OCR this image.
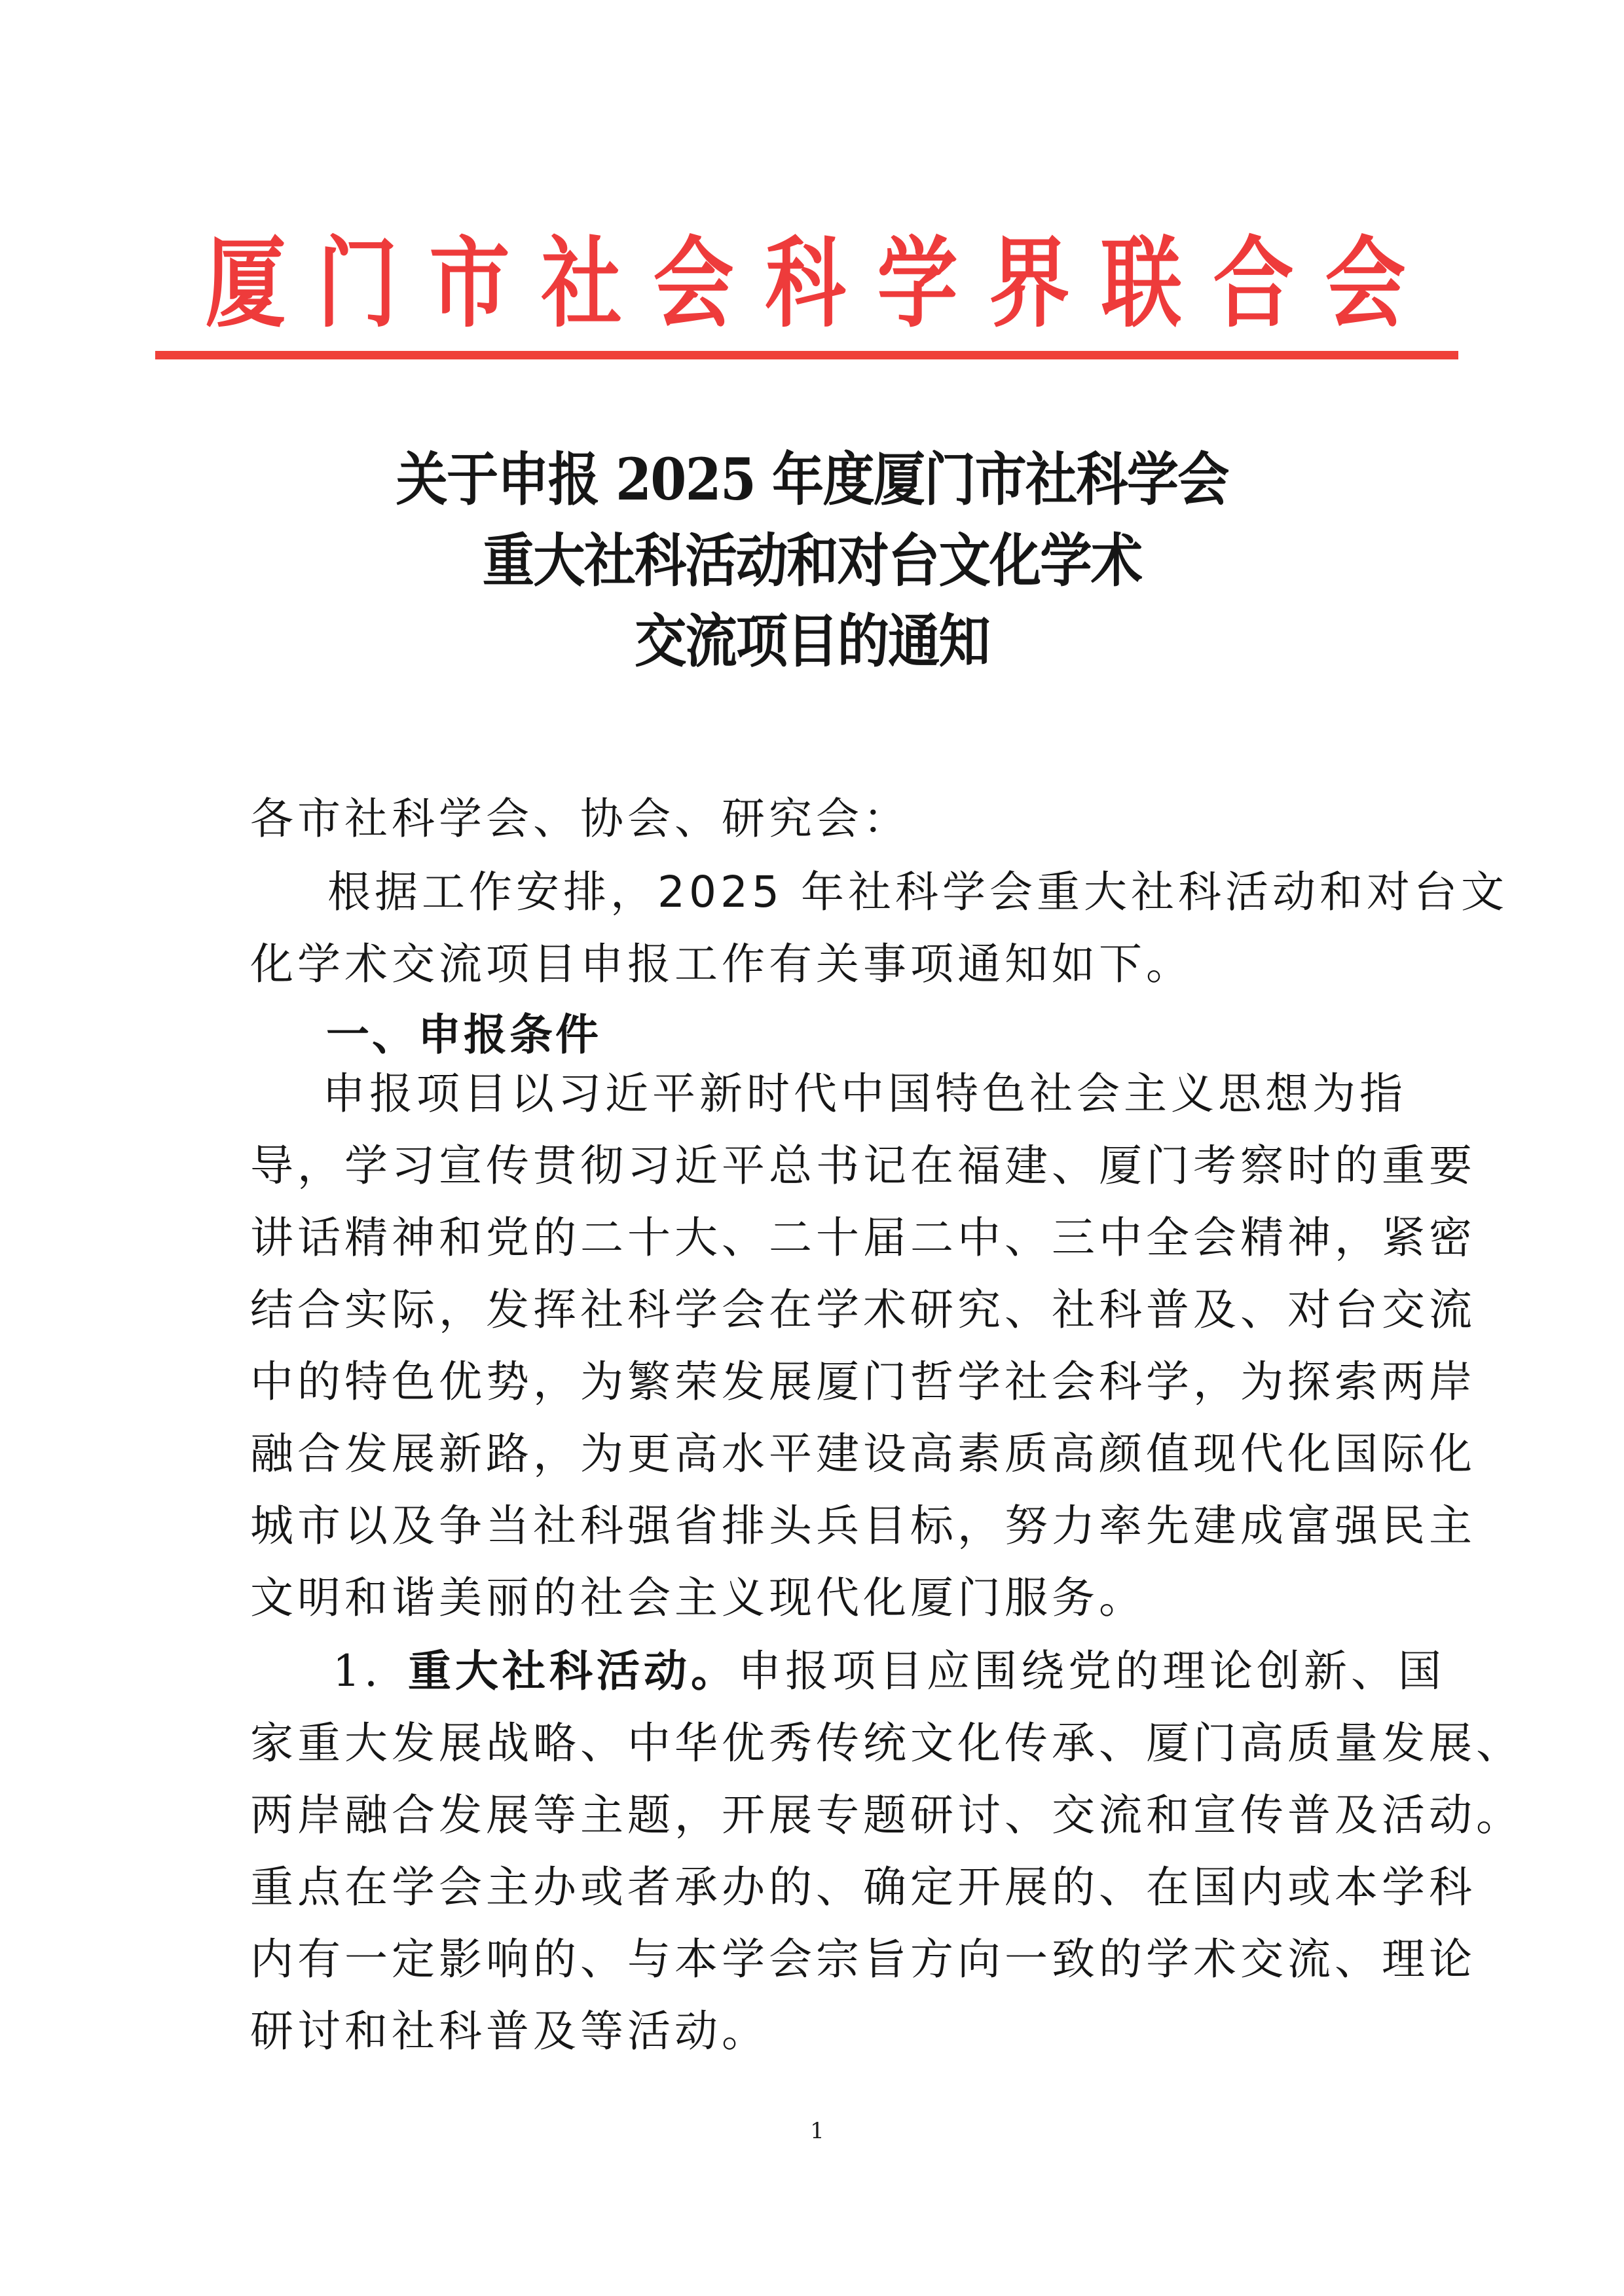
厦 门 市 社 会 科 学 界 联 合 会
关于申报 2025 年度厦门市社科学会
重大社科活动和对台文化学术
交流项目的通知
各市社科学会、协会、研究会：
根据工作安排，2025 年社科学会重大社科活动和对台文
化学术交流项目申报工作有关事项通知如下。
一、申报条件
申报项目以习近平新时代中国特色社会主义思想为指
导，学习宣传贯彻习近平总书记在福建、厦门考察时的重要
讲话精神和党的二十大、二十届二中、三中全会精神，紧密
结合实际，发挥社科学会在学术研究、社科普及、对台交流
中的特色优势，为繁荣发展厦门哲学社会科学，为探索两岸
融合发展新路，为更高水平建设高素质高颜值现代化国际化
城市以及争当社科强省排头兵目标，努力率先建成富强民主
文明和谐美丽的社会主义现代化厦门服务。
1. 重大社科活动。 申报项目应围绕党的理论创新、国
家重大发展战略、中华优秀传统文化传承、厦门高质量发展、
两岸融合发展等主题，开展专题研讨、交流和宣传普及活动。
重点在学会主办或者承办的、确定开展的、在国内或本学科
内有一定影响的、与本学会宗旨方向一致的学术交流、理论
研讨和社科普及等活动。
1
